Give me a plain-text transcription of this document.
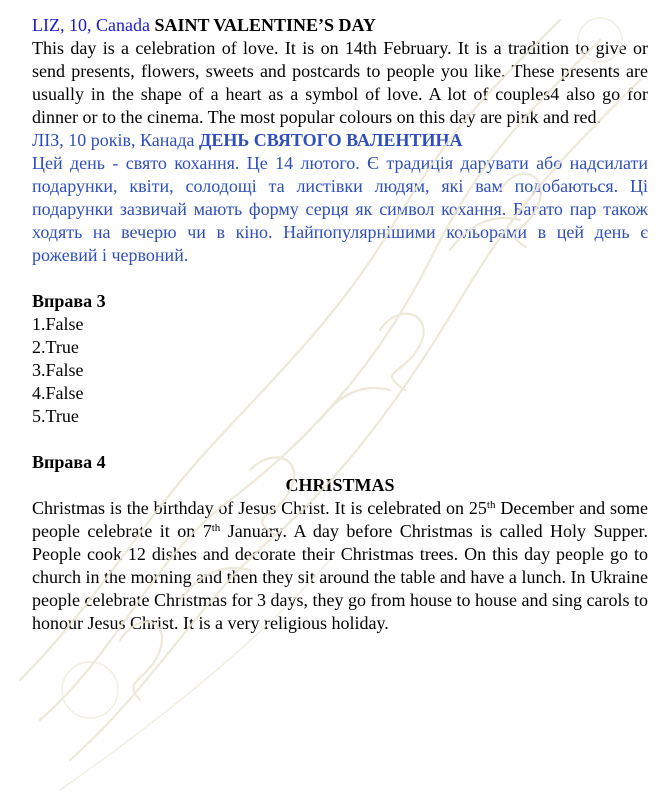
LIZ, 10, Canada SAINT VALENTINE’S DAY
This day is a celebration of love. It is on 14th February. It is a tradition to give or send presents, flowers, sweets and postcards to people you like. These presents are usually in the shape of a heart as a symbol of love. A lot of couples4 also go for dinner or to the cinema. The most popular colours on this day are pink and red.

ЛІЗ, 10 років, Канада ДЕНЬ СВЯТОГО ВАЛЕНТИНА
Цей день - свято кохання. Це 14 лютого. Є традиція дарувати або надсилати подарунки, квіти, солодощі та листівки людям, які вам подобаються. Ці подарунки зазвичай мають форму серця як символ кохання. Багато пар також ходять на вечерю чи в кіно. Найпопулярнішими кольорами в цей день є рожевий і червоний.

Вправа 3

1.False
2.True
3.False
4.False
5.True

Вправа 4

CHRISTMAS

Christmas is the birthday of Jesus Christ. It is celebrated on 25th December and some people celebrate it on 7th January. A day before Christmas is called Holy Supper. People cook 12 dishes and decorate their Christmas trees. On this day people go to church in the morning and then they sit around the table and have a lunch. In Ukraine people celebrate Christmas for 3 days, they go from house to house and sing carols to honour Jesus Christ. It is a very religious holiday.
